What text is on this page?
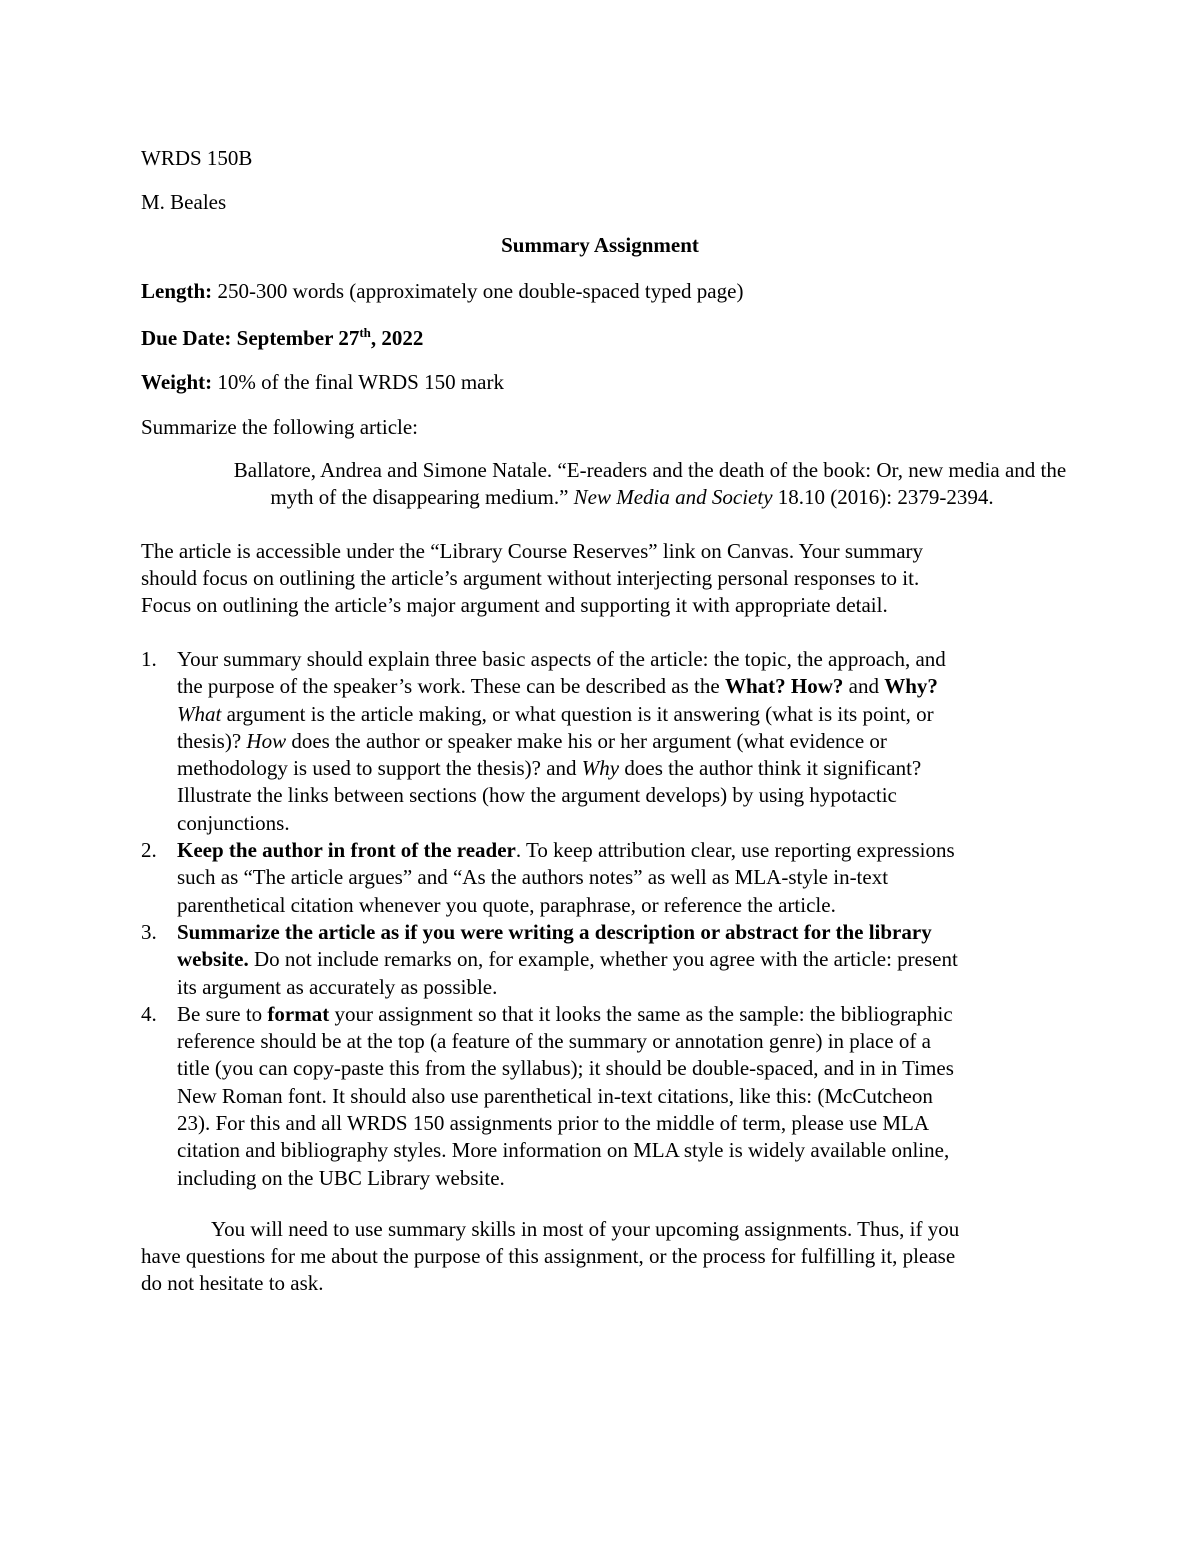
WRDS 150B
M. Beales
Summary Assignment
Length: 250-300 words (approximately one double-spaced typed page)
Due Date: September 27th, 2022
Weight: 10% of the final WRDS 150 mark
Summarize the following article:
Ballatore, Andrea and Simone Natale. “E-readers and the death of the book: Or, new media and the
myth of the disappearing medium.” New Media and Society 18.10 (2016): 2379-2394.
The article is accessible under the “Library Course Reserves” link on Canvas. Your summary
should focus on outlining the article’s argument without interjecting personal responses to it.
Focus on outlining the article’s major argument and supporting it with appropriate detail.
1. Your summary should explain three basic aspects of the article: the topic, the approach, and
the purpose of the speaker’s work. These can be described as the What? How? and Why?
What argument is the article making, or what question is it answering (what is its point, or
thesis)? How does the author or speaker make his or her argument (what evidence or
methodology is used to support the thesis)? and Why does the author think it significant?
Illustrate the links between sections (how the argument develops) by using hypotactic
conjunctions.
2. Keep the author in front of the reader. To keep attribution clear, use reporting expressions
such as “The article argues” and “As the authors notes” as well as MLA-style in-text
parenthetical citation whenever you quote, paraphrase, or reference the article.
3. Summarize the article as if you were writing a description or abstract for the library
website. Do not include remarks on, for example, whether you agree with the article: present
its argument as accurately as possible.
4. Be sure to format your assignment so that it looks the same as the sample: the bibliographic
reference should be at the top (a feature of the summary or annotation genre) in place of a
title (you can copy-paste this from the syllabus); it should be double-spaced, and in in Times
New Roman font. It should also use parenthetical in-text citations, like this: (McCutcheon
23). For this and all WRDS 150 assignments prior to the middle of term, please use MLA
citation and bibliography styles. More information on MLA style is widely available online,
including on the UBC Library website.
You will need to use summary skills in most of your upcoming assignments. Thus, if you
have questions for me about the purpose of this assignment, or the process for fulfilling it, please
do not hesitate to ask.
